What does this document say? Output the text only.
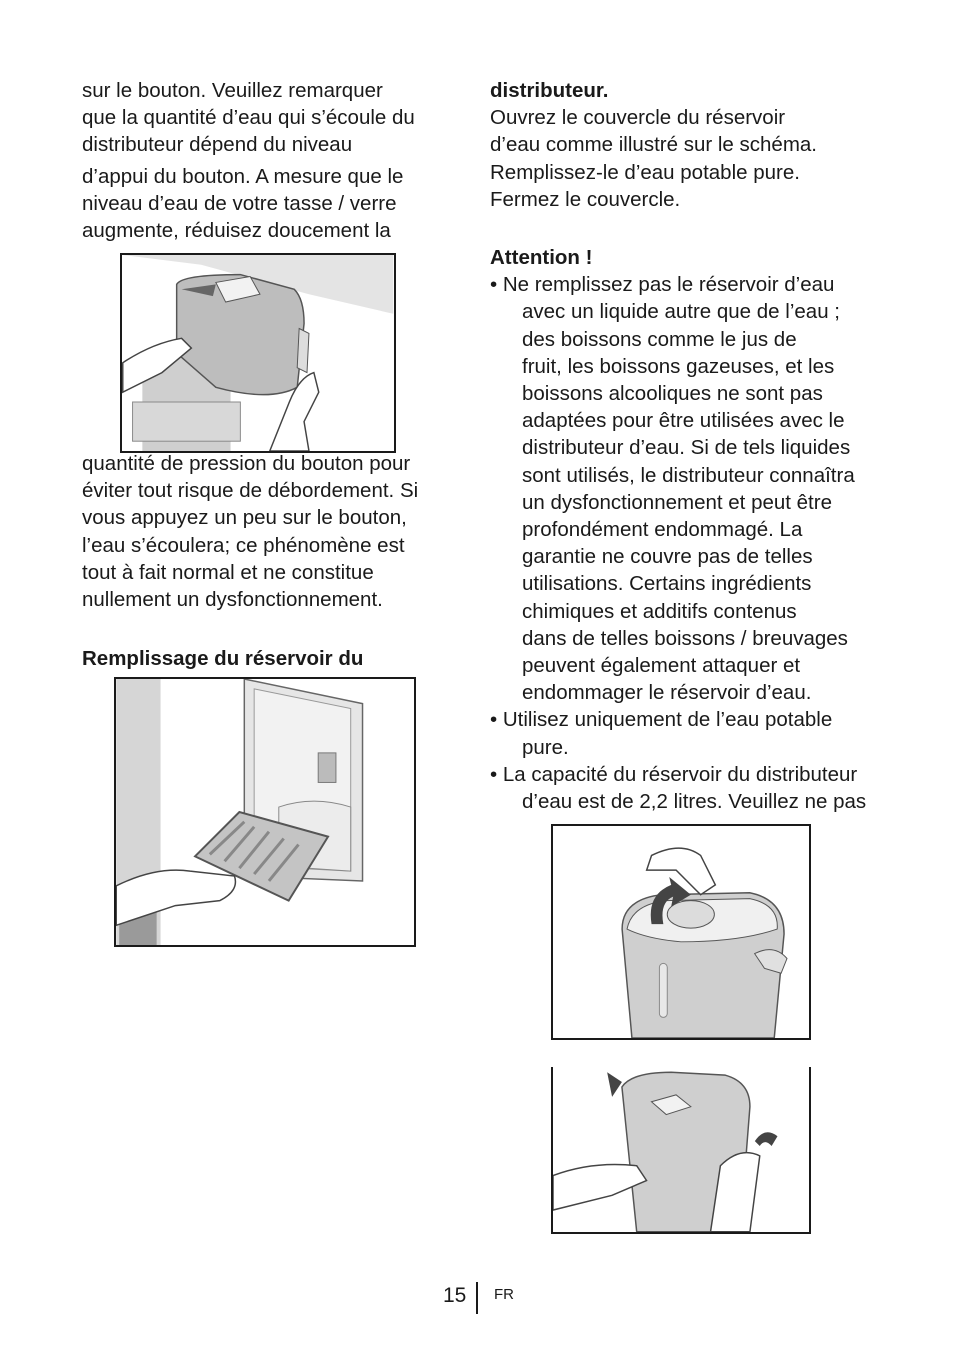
sur le bouton. Veuillez remarquer
que la quantité d’eau qui s’écoule du
distributeur dépend du niveau
d’appui du bouton. A mesure que le
niveau d’eau de votre tasse / verre
augmente, réduisez doucement la
quantité de pression du bouton pour
éviter tout risque de débordement. Si
vous appuyez un peu sur le bouton,
l’eau s’écoulera; ce phénomène est
tout à fait normal et ne constitue
nullement un dysfonctionnement.
Remplissage du réservoir du
distributeur.
Ouvrez le couvercle du réservoir
d’eau comme illustré sur le schéma.
Remplissez-le d’eau potable pure.
Fermez le couvercle.
Attention !
• Ne remplissez pas le réservoir d’eau
avec un liquide autre que de l’eau ;
des boissons comme le jus de
fruit, les boissons gazeuses, et les
boissons alcooliques ne sont pas
adaptées pour être utilisées avec le
distributeur d’eau. Si de tels liquides
sont utilisés, le distributeur connaîtra
un dysfonctionnement et peut être
profondément endommagé. La
garantie ne couvre pas de telles
utilisations. Certains ingrédients
chimiques et additifs contenus
dans de telles boissons / breuvages
peuvent également attaquer et
endommager le réservoir d’eau.
• Utilisez uniquement de l’eau potable
pure.
• La capacité du réservoir du distributeur
d’eau est de 2,2 litres. Veuillez ne pas
15 FR
